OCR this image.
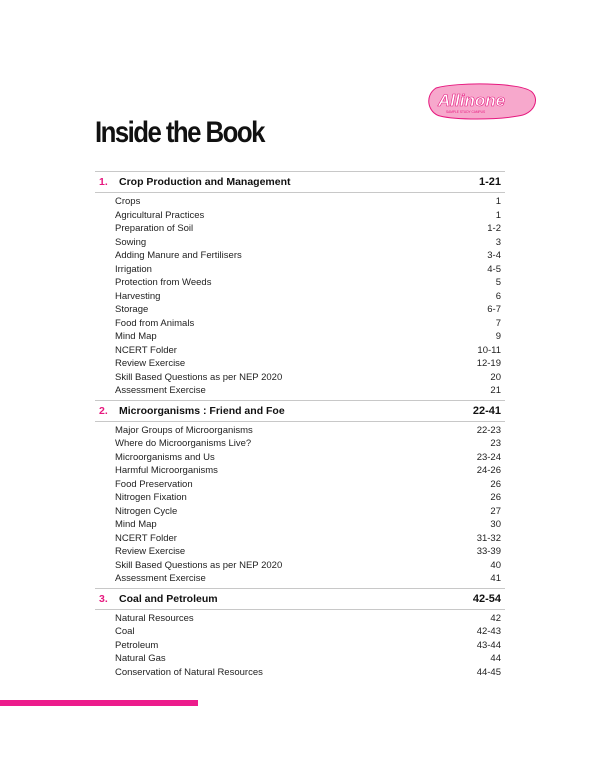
Allinone
SAMPLE STUDY CAMPUS
Inside the Book
1.	Crop Production and Management	1-21
Crops	1
Agricultural Practices	1
Preparation of Soil	1-2
Sowing	3
Adding Manure and Fertilisers	3-4
Irrigation	4-5
Protection from Weeds	5
Harvesting	6
Storage	6-7
Food from Animals	7
Mind Map	9
NCERT Folder	10-11
Review Exercise	12-19
Skill Based Questions as per NEP 2020	20
Assessment Exercise	21
2.	Microorganisms : Friend and Foe	22-41
Major Groups of Microorganisms	22-23
Where do Microorganisms Live?	23
Microorganisms and Us	23-24
Harmful Microorganisms	24-26
Food Preservation	26
Nitrogen Fixation	26
Nitrogen Cycle	27
Mind Map	30
NCERT Folder	31-32
Review Exercise	33-39
Skill Based Questions as per NEP 2020	40
Assessment Exercise	41
3.	Coal and Petroleum	42-54
Natural Resources	42
Coal	42-43
Petroleum	43-44
Natural Gas	44
Conservation of Natural Resources	44-45
